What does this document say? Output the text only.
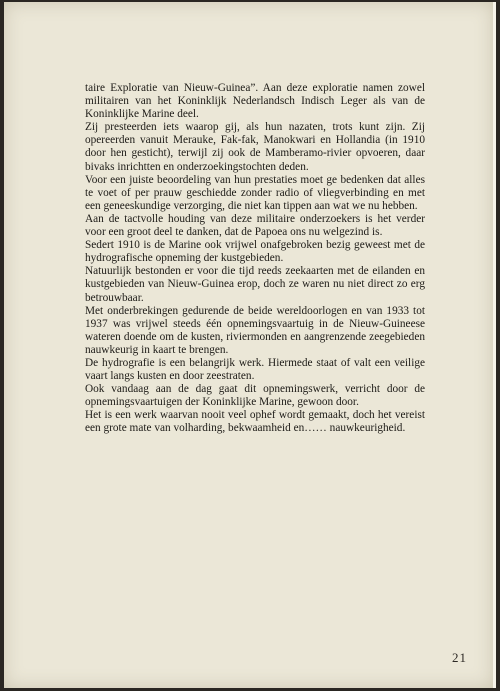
taire Exploratie van Nieuw-Guinea”. Aan deze exploratie namen zowel militairen van het Koninklijk Nederlandsch Indisch Leger als van de Koninklijke Marine deel.

Zij presteerden iets waarop gij, als hun nazaten, trots kunt zijn. Zij opereerden vanuit Merauke, Fak-fak, Manokwari en Hollandia (in 1910 door hen gesticht), terwijl zij ook de Mamberamo-rivier opvoeren, daar bivaks inrichtten en onderzoekingstochten deden.

Voor een juiste beoordeling van hun prestaties moet ge bedenken dat alles te voet of per prauw geschiedde zonder radio of vliegverbinding en met een geneeskundige verzorging, die niet kan tippen aan wat we nu hebben.

Aan de tactvolle houding van deze militaire onderzoekers is het verder voor een groot deel te danken, dat de Papoea ons nu welgezind is.

Sedert 1910 is de Marine ook vrijwel onafgebroken bezig geweest met de hydrografische opneming der kustgebieden.

Natuurlijk bestonden er voor die tijd reeds zeekaarten met de eilanden en kustgebieden van Nieuw-Guinea erop, doch ze waren nu niet direct zo erg betrouwbaar.

Met onderbrekingen gedurende de beide wereldoorlogen en van 1933 tot 1937 was vrijwel steeds één opnemingsvaartuig in de Nieuw-Guineese wateren doende om de kusten, riviermonden en aangrenzende zeegebieden nauwkeurig in kaart te brengen.

De hydrografie is een belangrijk werk. Hiermede staat of valt een veilige vaart langs kusten en door zeestraten.

Ook vandaag aan de dag gaat dit opnemingswerk, verricht door de opnemingsvaartuigen der Koninklijke Marine, gewoon door.

Het is een werk waarvan nooit veel ophef wordt gemaakt, doch het vereist een grote mate van volharding, bekwaamheid en…… nauwkeurigheid.

21
